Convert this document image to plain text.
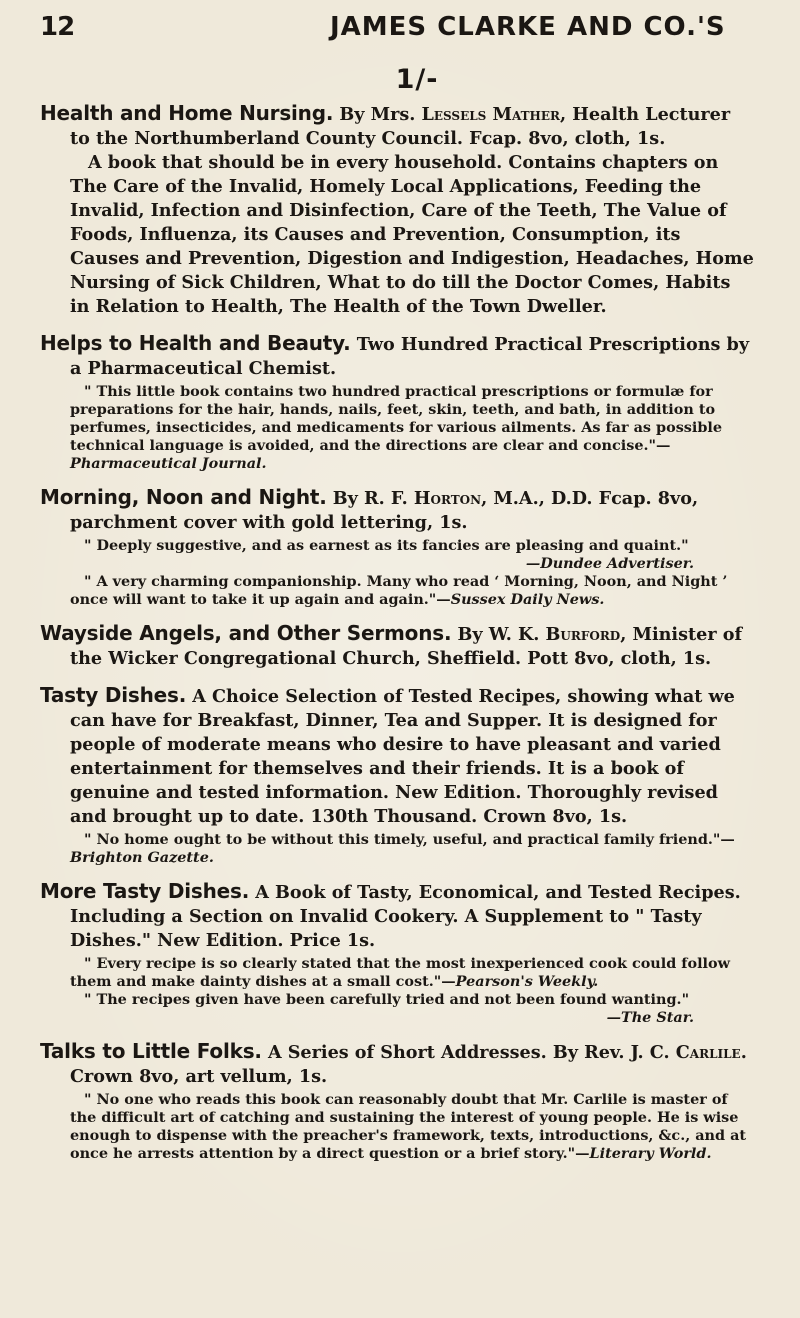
12	JAMES CLARKE AND CO.'S
1/-

Health and Home Nursing. By Mrs. Lessels Mather, Health Lecturer to the Northumberland County Council. Fcap. 8vo, cloth, 1s.

A book that should be in every household. Contains chapters on The Care of the Invalid, Homely Local Applications, Feeding the Invalid, Infection and Disinfection, Care of the Teeth, The Value of Foods, Influenza, its Causes and Prevention, Consumption, its Causes and Prevention, Digestion and Indigestion, Headaches, Home Nursing of Sick Children, What to do till the Doctor Comes, Habits in Relation to Health, The Health of the Town Dweller.

Helps to Health and Beauty. Two Hundred Practical Prescriptions by a Pharmaceutical Chemist.

" This little book contains two hundred practical prescriptions or formulæ for preparations for the hair, hands, nails, feet, skin, teeth, and bath, in addition to perfumes, insecticides, and medicaments for various ailments. As far as possible technical language is avoided, and the directions are clear and concise."—Pharmaceutical Journal.

Morning, Noon and Night. By R. F. Horton, M.A., D.D. Fcap. 8vo, parchment cover with gold lettering, 1s.

" Deeply suggestive, and as earnest as its fancies are pleasing and quaint."
—Dundee Advertiser.

" A very charming companionship. Many who read ‘ Morning, Noon, and Night ’ once will want to take it up again and again."—Sussex Daily News.

Wayside Angels, and Other Sermons. By W. K. Burford, Minister of the Wicker Congregational Church, Sheffield. Pott 8vo, cloth, 1s.

Tasty Dishes. A Choice Selection of Tested Recipes, showing what we can have for Breakfast, Dinner, Tea and Supper. It is designed for people of moderate means who desire to have pleasant and varied entertainment for themselves and their friends. It is a book of genuine and tested information. New Edition. Thoroughly revised and brought up to date. 130th Thousand. Crown 8vo, 1s.

" No home ought to be without this timely, useful, and practical family friend."—Brighton Gazette.

More Tasty Dishes. A Book of Tasty, Economical, and Tested Recipes. Including a Section on Invalid Cookery. A Supplement to " Tasty Dishes." New Edition. Price 1s.

" Every recipe is so clearly stated that the most inexperienced cook could follow them and make dainty dishes at a small cost."—Pearson's Weekly.

" The recipes given have been carefully tried and not been found wanting."
—The Star.

Talks to Little Folks. A Series of Short Addresses. By Rev. J. C. Carlile. Crown 8vo, art vellum, 1s.

" No one who reads this book can reasonably doubt that Mr. Carlile is master of the difficult art of catching and sustaining the interest of young people. He is wise enough to dispense with the preacher's framework, texts, introductions, &c., and at once he arrests attention by a direct question or a brief story."—Literary World.
